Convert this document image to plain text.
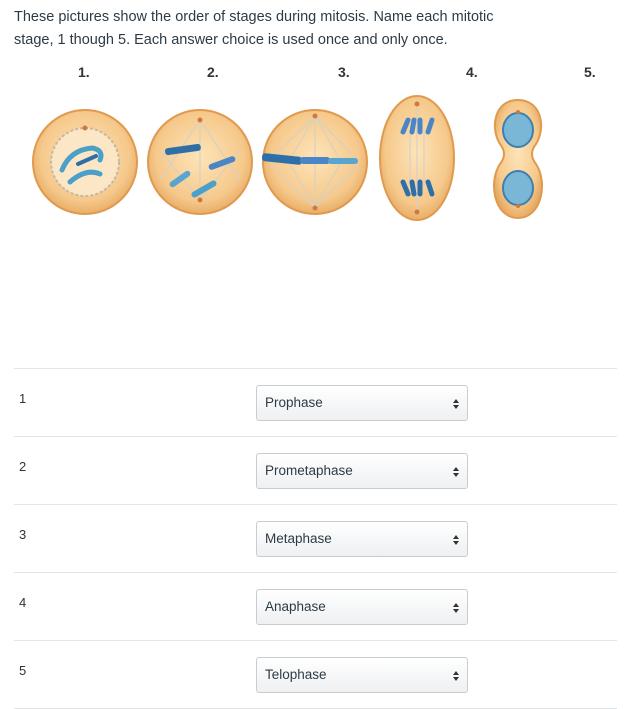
These pictures show the order of stages during mitosis. Name each mitotic
stage, 1 though 5. Each answer choice is used once and only once.
1.	2.	3.	4.	5.
1	Prophase
2	Prometaphase
3	Metaphase
4	Anaphase
5	Telophase
